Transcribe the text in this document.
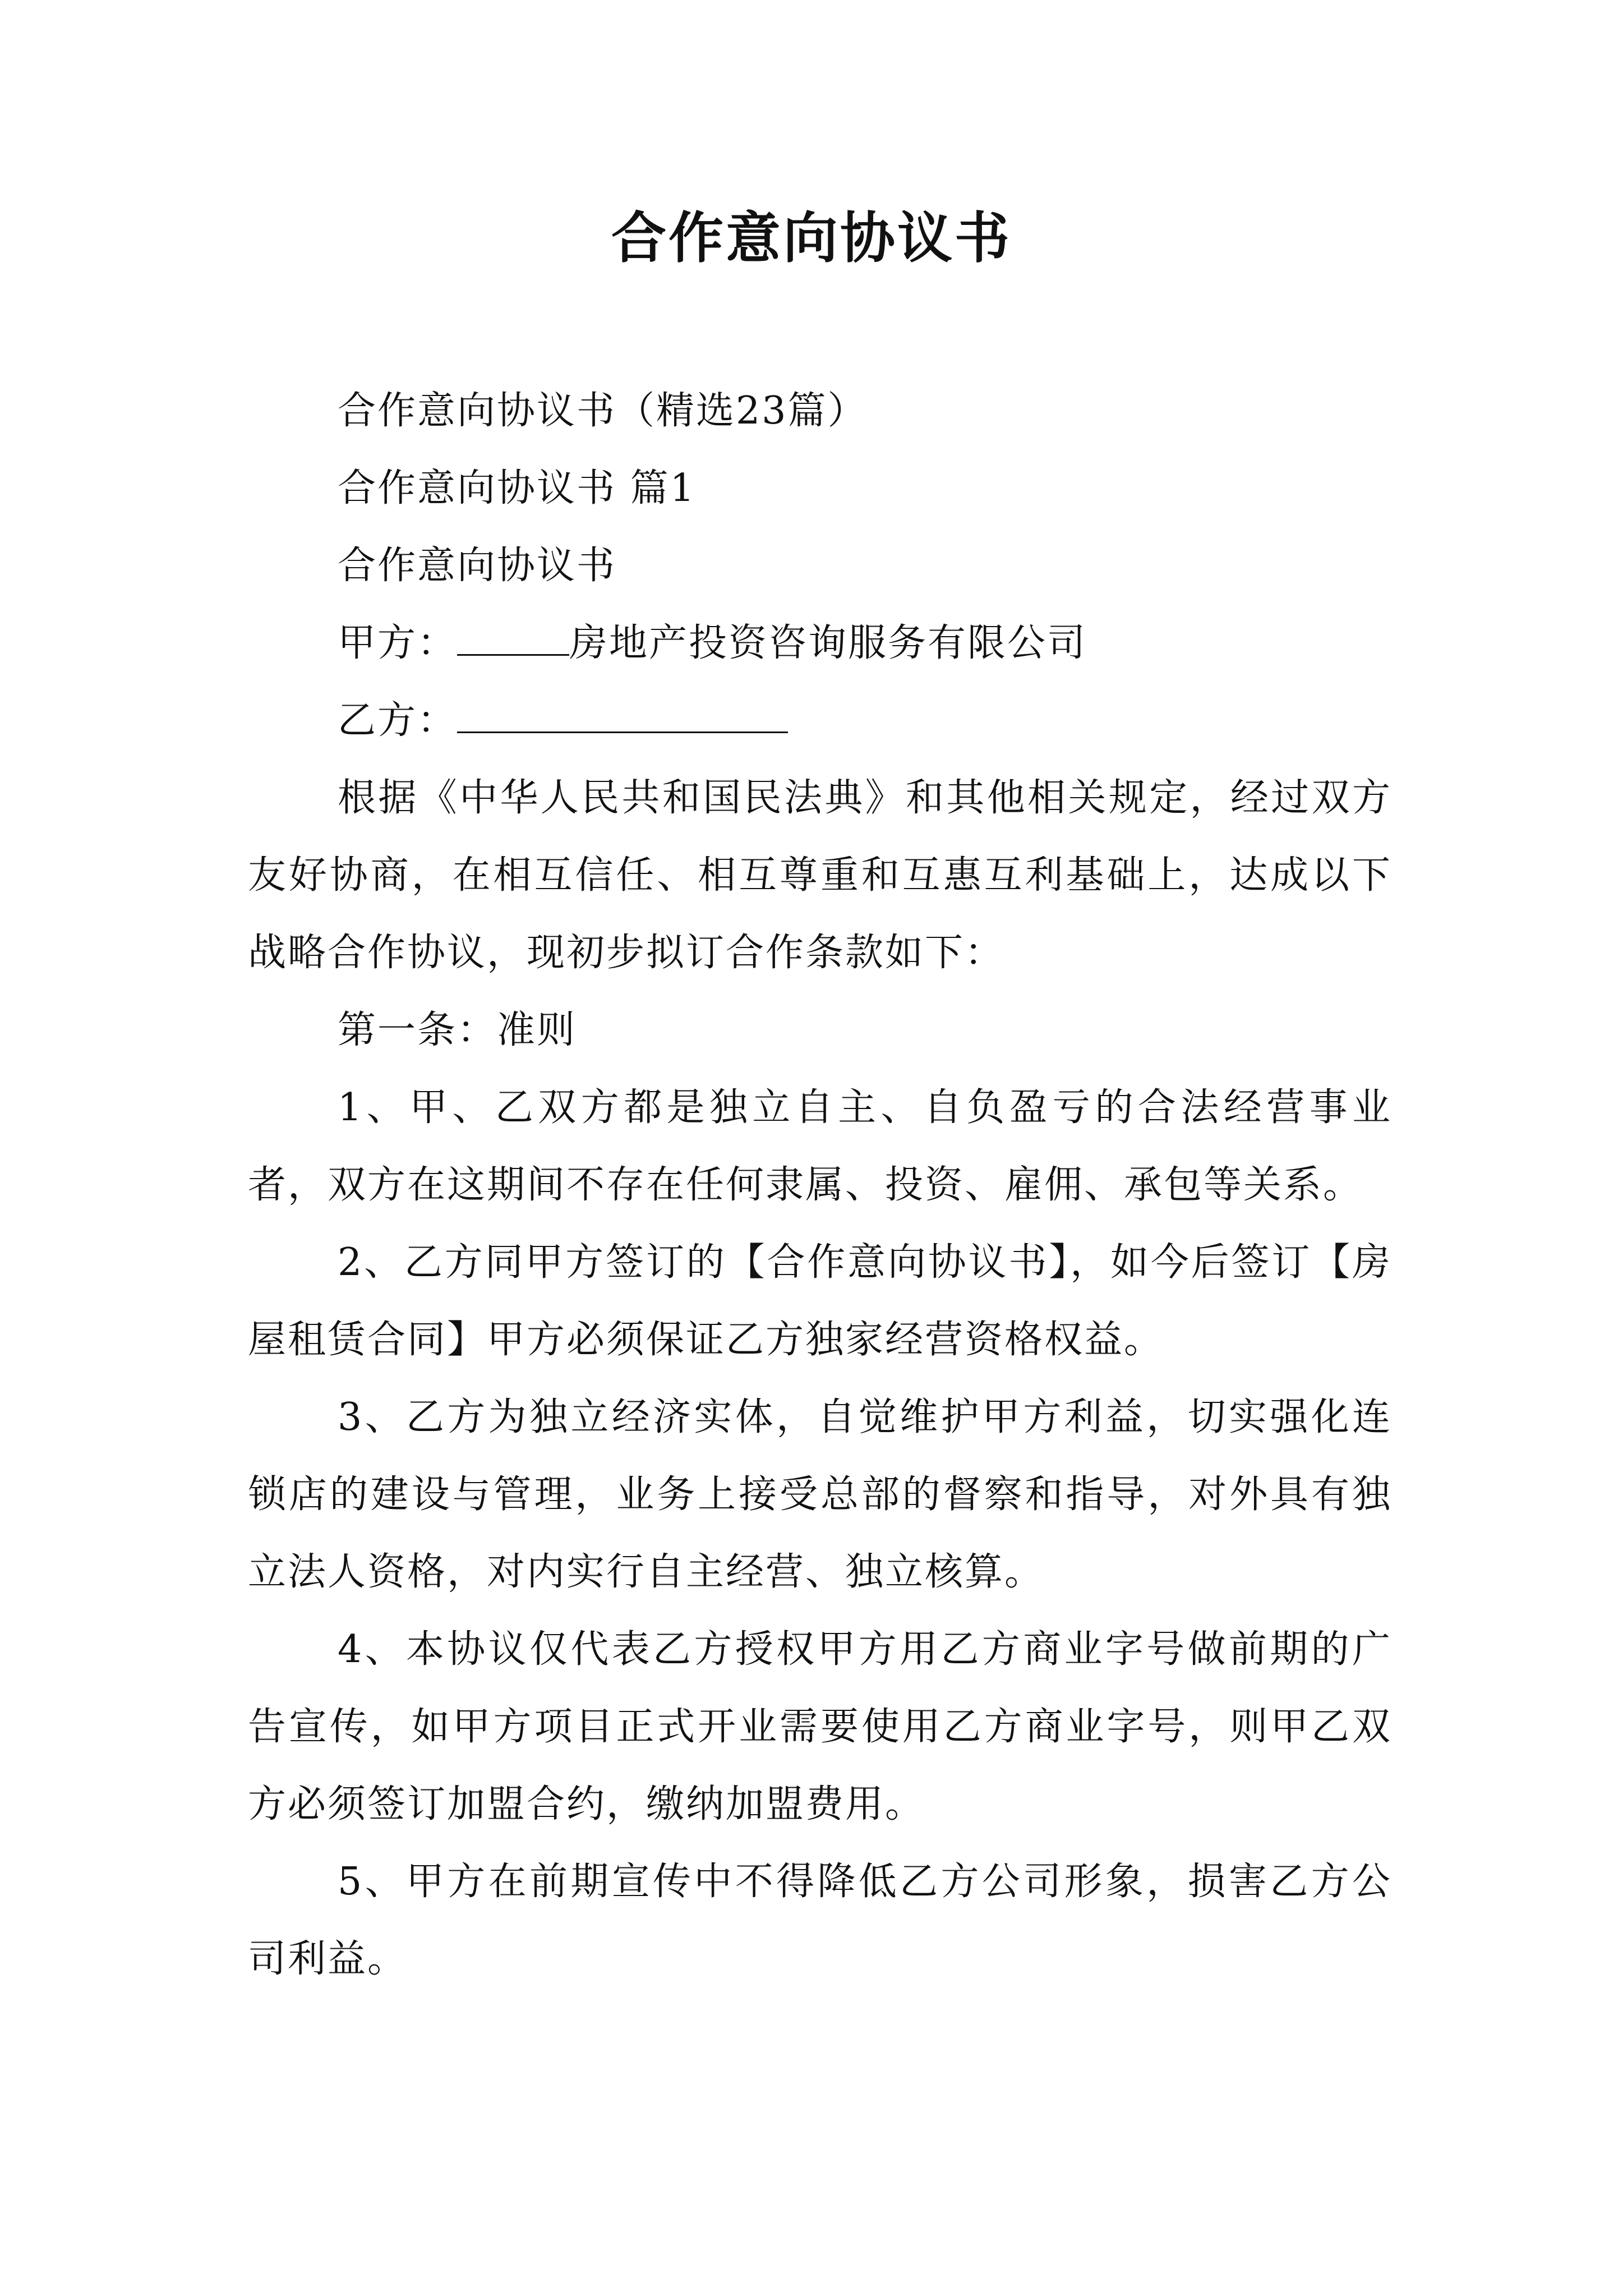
合作意向协议书

合作意向协议书（精选23篇）

合作意向协议书 篇1

合作意向协议书

甲方：	房地产投资咨询服务有限公司

乙方：

根据《中华人民共和国民法典》和其他相关规定，经过双方友好协商，在相互信任、相互尊重和互惠互利基础上，达成以下战略合作协议，现初步拟订合作条款如下：

第一条：准则

1、甲、乙双方都是独立自主、自负盈亏的合法经营事业者，双方在这期间不存在任何隶属、投资、雇佣、承包等关系。

2、乙方同甲方签订的【合作意向协议书】，如今后签订【房屋租赁合同】甲方必须保证乙方独家经营资格权益。

3、乙方为独立经济实体，自觉维护甲方利益，切实强化连锁店的建设与管理，业务上接受总部的督察和指导，对外具有独立法人资格，对内实行自主经营、独立核算。

4、本协议仅代表乙方授权甲方用乙方商业字号做前期的广告宣传，如甲方项目正式开业需要使用乙方商业字号，则甲乙双方必须签订加盟合约，缴纳加盟费用。

5、甲方在前期宣传中不得降低乙方公司形象，损害乙方公司利益。
